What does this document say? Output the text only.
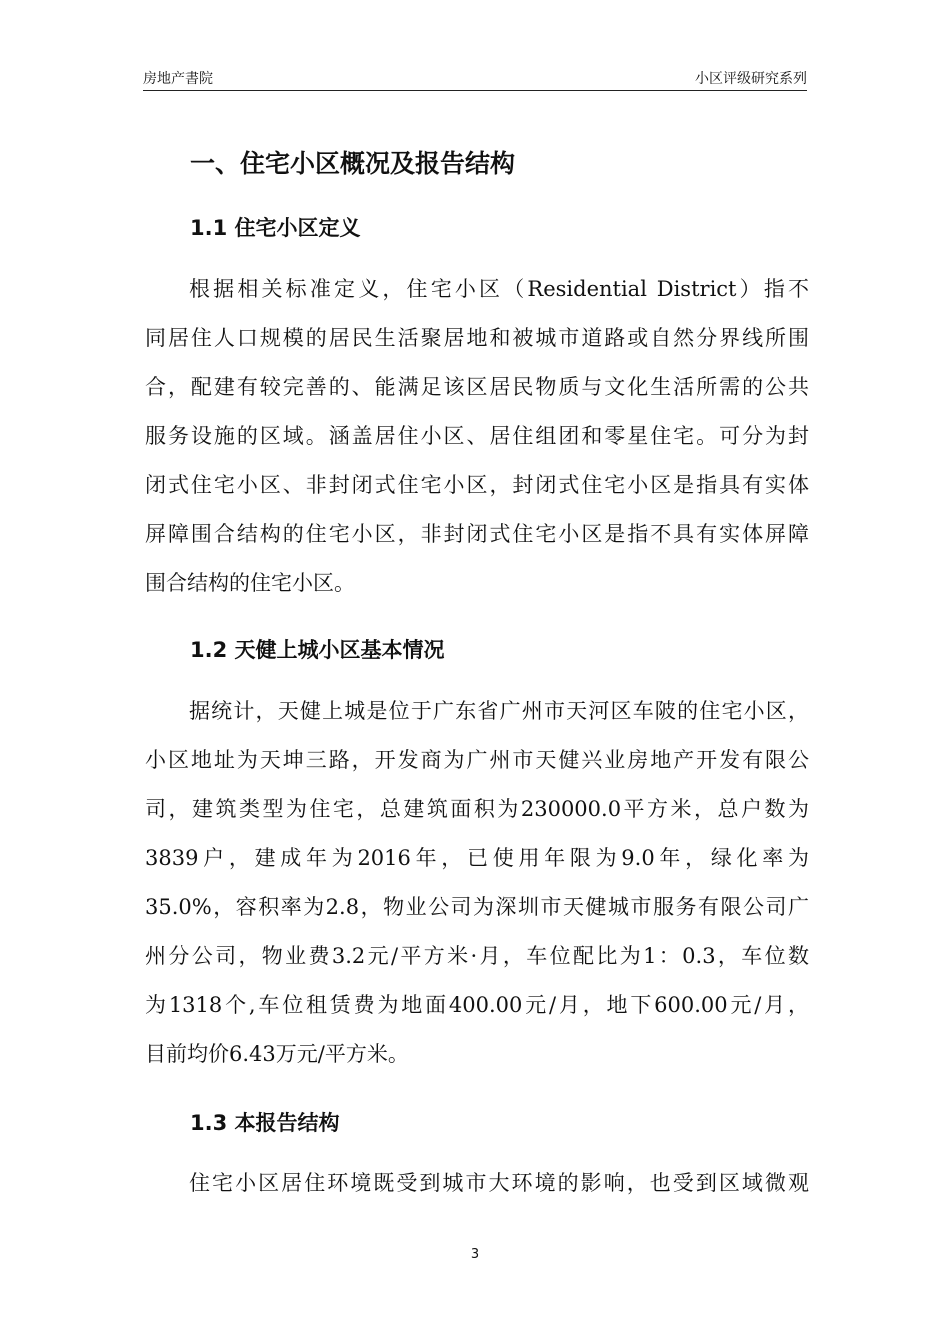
房地产書院	小区评级研究系列
一、住宅小区概况及报告结构
1.1 住宅小区定义
根据相关标准定义，住宅小区（Residential District）指不
同居住人口规模的居民生活聚居地和被城市道路或自然分界线所围
合，配建有较完善的、能满足该区居民物质与文化生活所需的公共
服务设施的区域。涵盖居住小区、居住组团和零星住宅。可分为封
闭式住宅小区、非封闭式住宅小区，封闭式住宅小区是指具有实体
屏障围合结构的住宅小区，非封闭式住宅小区是指不具有实体屏障
围合结构的住宅小区。
1.2 天健上城小区基本情况
据统计，天健上城是位于广东省广州市天河区车陂的住宅小区，
小区地址为天坤三路，开发商为广州市天健兴业房地产开发有限公
司，建筑类型为住宅，总建筑面积为230000.0平方米，总户数为
3839户，建成年为2016年，已使用年限为9.0年，绿化率为
35.0%，容积率为2.8，物业公司为深圳市天健城市服务有限公司广
州分公司，物业费3.2元/平方米·月，车位配比为1：0.3，车位数
为1318个,车位租赁费为地面400.00元/月，地下600.00元/月，
目前均价6.43万元/平方米。
1.3 本报告结构
住宅小区居住环境既受到城市大环境的影响，也受到区域微观
3
